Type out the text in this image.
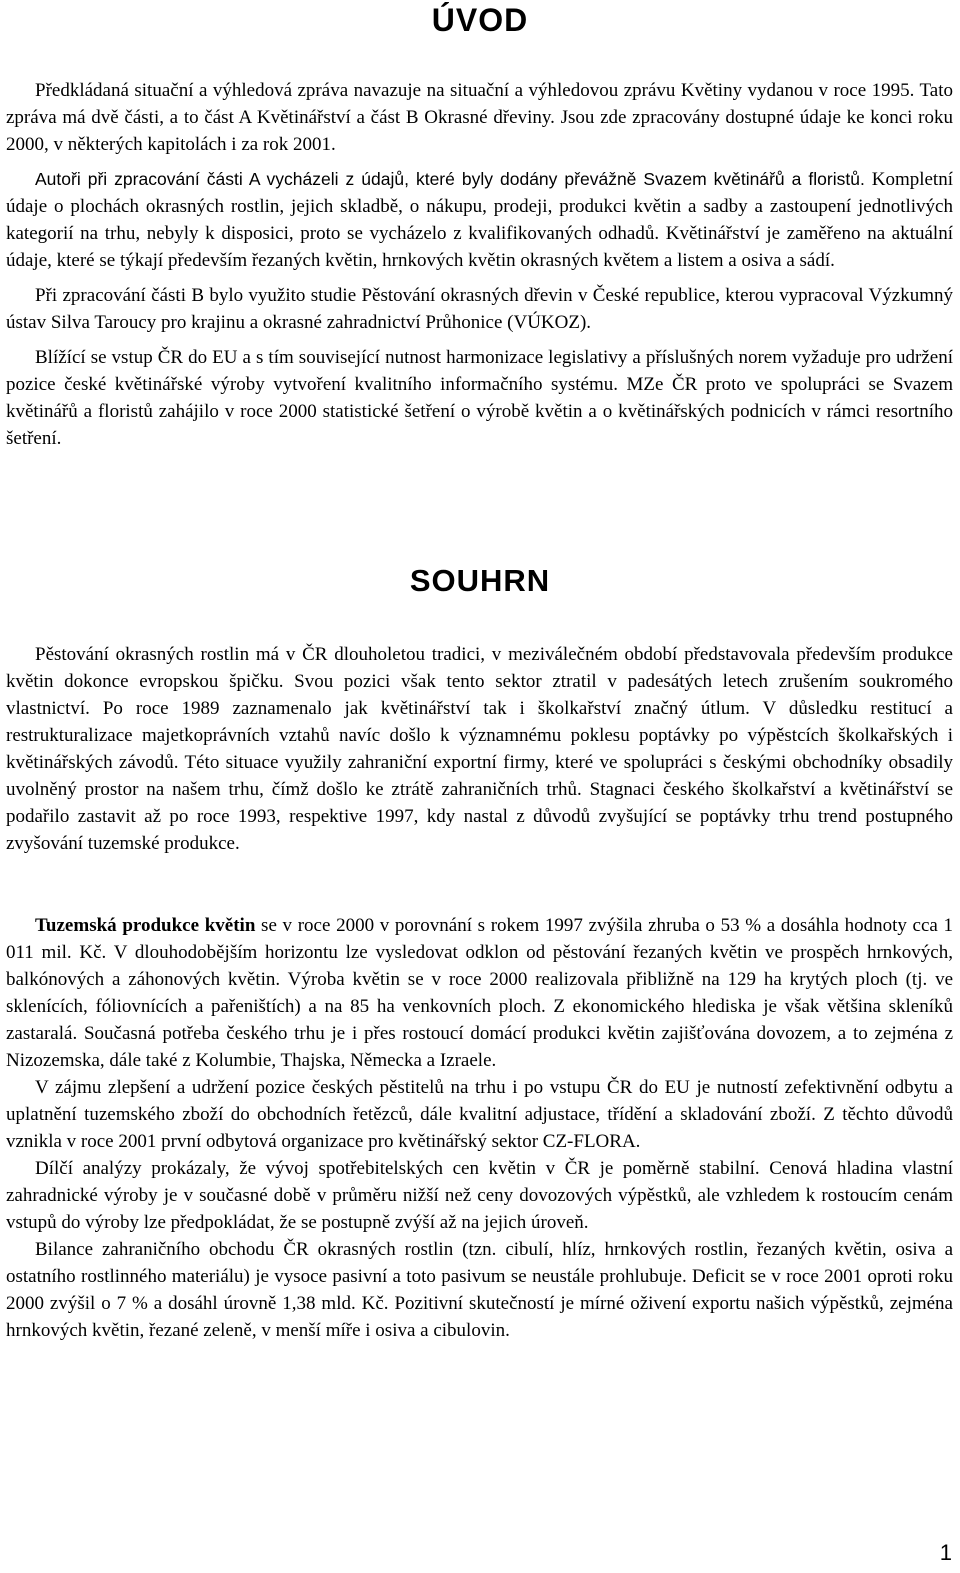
ÚVOD

Předkládaná situační a výhledová zpráva navazuje na situační a výhledovou zprávu Květiny vydanou v roce 1995. Tato zpráva má dvě části, a to část A Květinářství a část B Okrasné dřeviny. Jsou zde zpracovány dostupné údaje ke konci roku 2000, v některých kapitolách i za rok 2001.

Autoři při zpracování části A vycházeli z údajů, které byly dodány převážně Svazem květinářů a floristů. Kompletní údaje o plochách okrasných rostlin, jejich skladbě, o nákupu, prodeji, produkci květin a sadby a zastoupení jednotlivých kategorií na trhu, nebyly k disposici, proto se vycházelo z kvalifikovaných odhadů. Květinářství je zaměřeno na aktuální údaje, které se týkají především řezaných květin, hrnkových květin okrasných květem a listem a osiva a sádí.

Při zpracování části B bylo využito studie Pěstování okrasných dřevin v České republice, kterou vypracoval Výzkumný ústav Silva Taroucy pro krajinu a okrasné zahradnictví Průhonice (VÚKOZ).

Blížící se vstup ČR do EU a s tím související nutnost harmonizace legislativy a příslušných norem vyžaduje pro udržení pozice české květinářské výroby vytvoření kvalitního informačního systému. MZe ČR proto ve spolupráci se Svazem květinářů a floristů zahájilo v roce 2000 statistické šetření o výrobě květin a o květinářských podnicích v rámci resortního šetření.

SOUHRN

Pěstování okrasných rostlin má v ČR dlouholetou tradici, v meziválečném období představovala především produkce květin dokonce evropskou špičku. Svou pozici však tento sektor ztratil v padesátých letech zrušením soukromého vlastnictví. Po roce 1989 zaznamenalo jak květinářství tak i školkařství značný útlum. V důsledku restitucí a restrukturalizace majetkoprávních vztahů navíc došlo k významnému poklesu poptávky po výpěstcích školkařských i květinářských závodů. Této situace využily zahraniční exportní firmy, které ve spolupráci s českými obchodníky obsadily uvolněný prostor na našem trhu, čímž došlo ke ztrátě zahraničních trhů. Stagnaci českého školkařství a květinářství se podařilo zastavit až po roce 1993, respektive 1997, kdy nastal z důvodů zvyšující se poptávky trhu trend postupného zvyšování tuzemské produkce.

Tuzemská produkce květin se v roce 2000 v porovnání s rokem 1997 zvýšila zhruba o 53 % a dosáhla hodnoty cca 1 011 mil. Kč. V dlouhodobějším horizontu lze vysledovat odklon od pěstování řezaných květin ve prospěch hrnkových, balkónových a záhonových květin. Výroba květin se v roce 2000 realizovala přibližně na 129 ha krytých ploch (tj. ve sklenících, fóliovnících a pařeništích) a na 85 ha venkovních ploch. Z ekonomického hlediska je však většina skleníků zastaralá. Současná potřeba českého trhu je i přes rostoucí domácí produkci květin zajišťována dovozem, a to zejména z Nizozemska, dále také z Kolumbie, Thajska, Německa a Izraele.

V zájmu zlepšení a udržení pozice českých pěstitelů na trhu i po vstupu ČR do EU je nutností zefektivnění odbytu a uplatnění tuzemského zboží do obchodních řetězců, dále kvalitní adjustace, třídění a skladování zboží. Z těchto důvodů vznikla v roce 2001 první odbytová organizace pro květinářský sektor CZ-FLORA.

Dílčí analýzy prokázaly, že vývoj spotřebitelských cen květin v ČR je poměrně stabilní. Cenová hladina vlastní zahradnické výroby je v současné době v průměru nižší než ceny dovozových výpěstků, ale vzhledem k rostoucím cenám vstupů do výroby lze předpokládat, že se postupně zvýší až na jejich úroveň.

Bilance zahraničního obchodu ČR okrasných rostlin (tzn. cibulí, hlíz, hrnkových rostlin, řezaných květin, osiva a ostatního rostlinného materiálu) je vysoce pasivní a toto pasivum se neustále prohlubuje. Deficit se v roce 2001 oproti roku 2000 zvýšil o 7 % a dosáhl úrovně 1,38 mld. Kč. Pozitivní skutečností je mírné oživení exportu našich výpěstků, zejména hrnkových květin, řezané zeleně, v menší míře i osiva a cibulovin.

1
